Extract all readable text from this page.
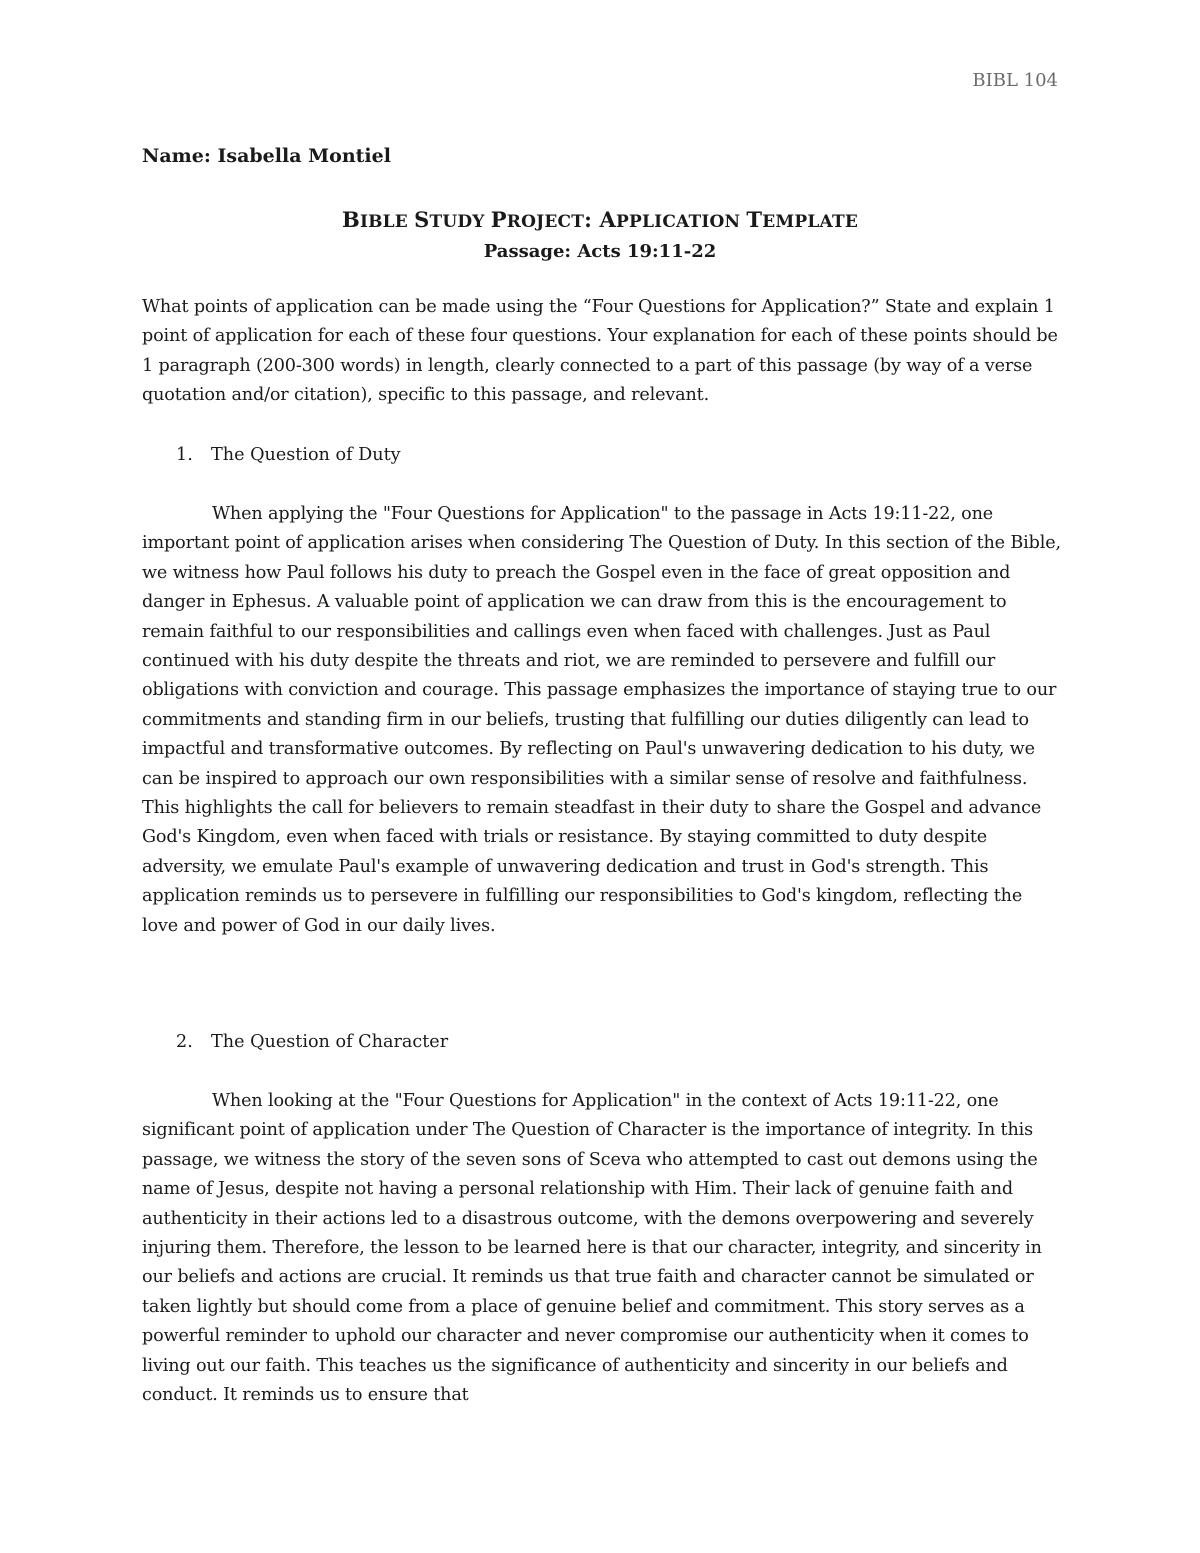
BIBL 104
Name: Isabella Montiel
BIBLE STUDY PROJECT: APPLICATION TEMPLATE
Passage: Acts 19:11-22

What points of application can be made using the “Four Questions for Application?” State and explain 1 point of application for each of these four questions. Your explanation for each of these points should be 1 paragraph (200-300 words) in length, clearly connected to a part of this passage (by way of a verse quotation and/or citation), specific to this passage, and relevant.

1. The Question of Duty

When applying the "Four Questions for Application" to the passage in Acts 19:11-22, one important point of application arises when considering The Question of Duty. In this section of the Bible, we witness how Paul follows his duty to preach the Gospel even in the face of great opposition and danger in Ephesus. A valuable point of application we can draw from this is the encouragement to remain faithful to our responsibilities and callings even when faced with challenges. Just as Paul continued with his duty despite the threats and riot, we are reminded to persevere and fulfill our obligations with conviction and courage. This passage emphasizes the importance of staying true to our commitments and standing firm in our beliefs, trusting that fulfilling our duties diligently can lead to impactful and transformative outcomes. By reflecting on Paul's unwavering dedication to his duty, we can be inspired to approach our own responsibilities with a similar sense of resolve and faithfulness. This highlights the call for believers to remain steadfast in their duty to share the Gospel and advance God's Kingdom, even when faced with trials or resistance. By staying committed to duty despite adversity, we emulate Paul's example of unwavering dedication and trust in God's strength. This application reminds us to persevere in fulfilling our responsibilities to God's kingdom, reflecting the love and power of God in our daily lives.

2. The Question of Character

When looking at the "Four Questions for Application" in the context of Acts 19:11-22, one significant point of application under The Question of Character is the importance of integrity. In this passage, we witness the story of the seven sons of Sceva who attempted to cast out demons using the name of Jesus, despite not having a personal relationship with Him. Their lack of genuine faith and authenticity in their actions led to a disastrous outcome, with the demons overpowering and severely injuring them. Therefore, the lesson to be learned here is that our character, integrity, and sincerity in our beliefs and actions are crucial. It reminds us that true faith and character cannot be simulated or taken lightly but should come from a place of genuine belief and commitment. This story serves as a powerful reminder to uphold our character and never compromise our authenticity when it comes to living out our faith. This teaches us the significance of authenticity and sincerity in our beliefs and conduct. It reminds us to ensure that
